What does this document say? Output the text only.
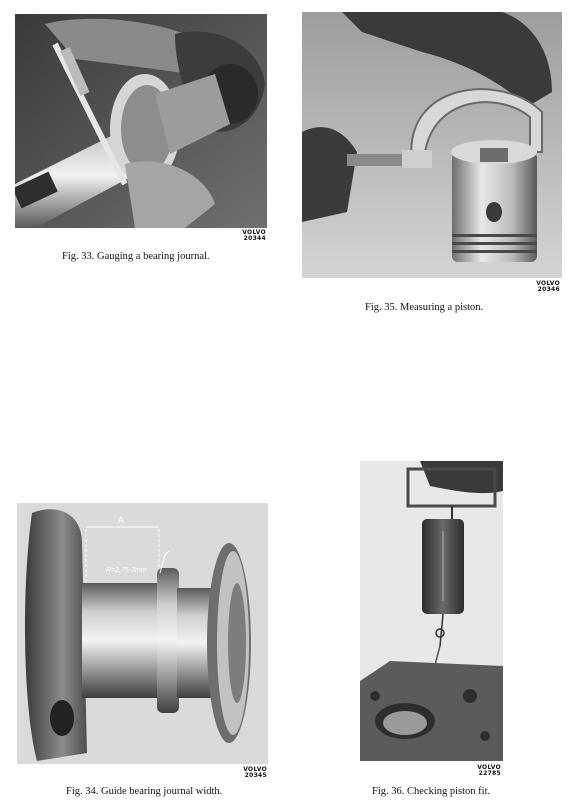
VOLVO
20344
Fig. 33. Gauging a bearing journal.
VOLVO
20346
Fig. 35. Measuring a piston.
A
R=2,75-3mm
VOLVO
20345
Fig. 34. Guide bearing journal width.
VOLVO
22785
Fig. 36. Checking piston fit.
